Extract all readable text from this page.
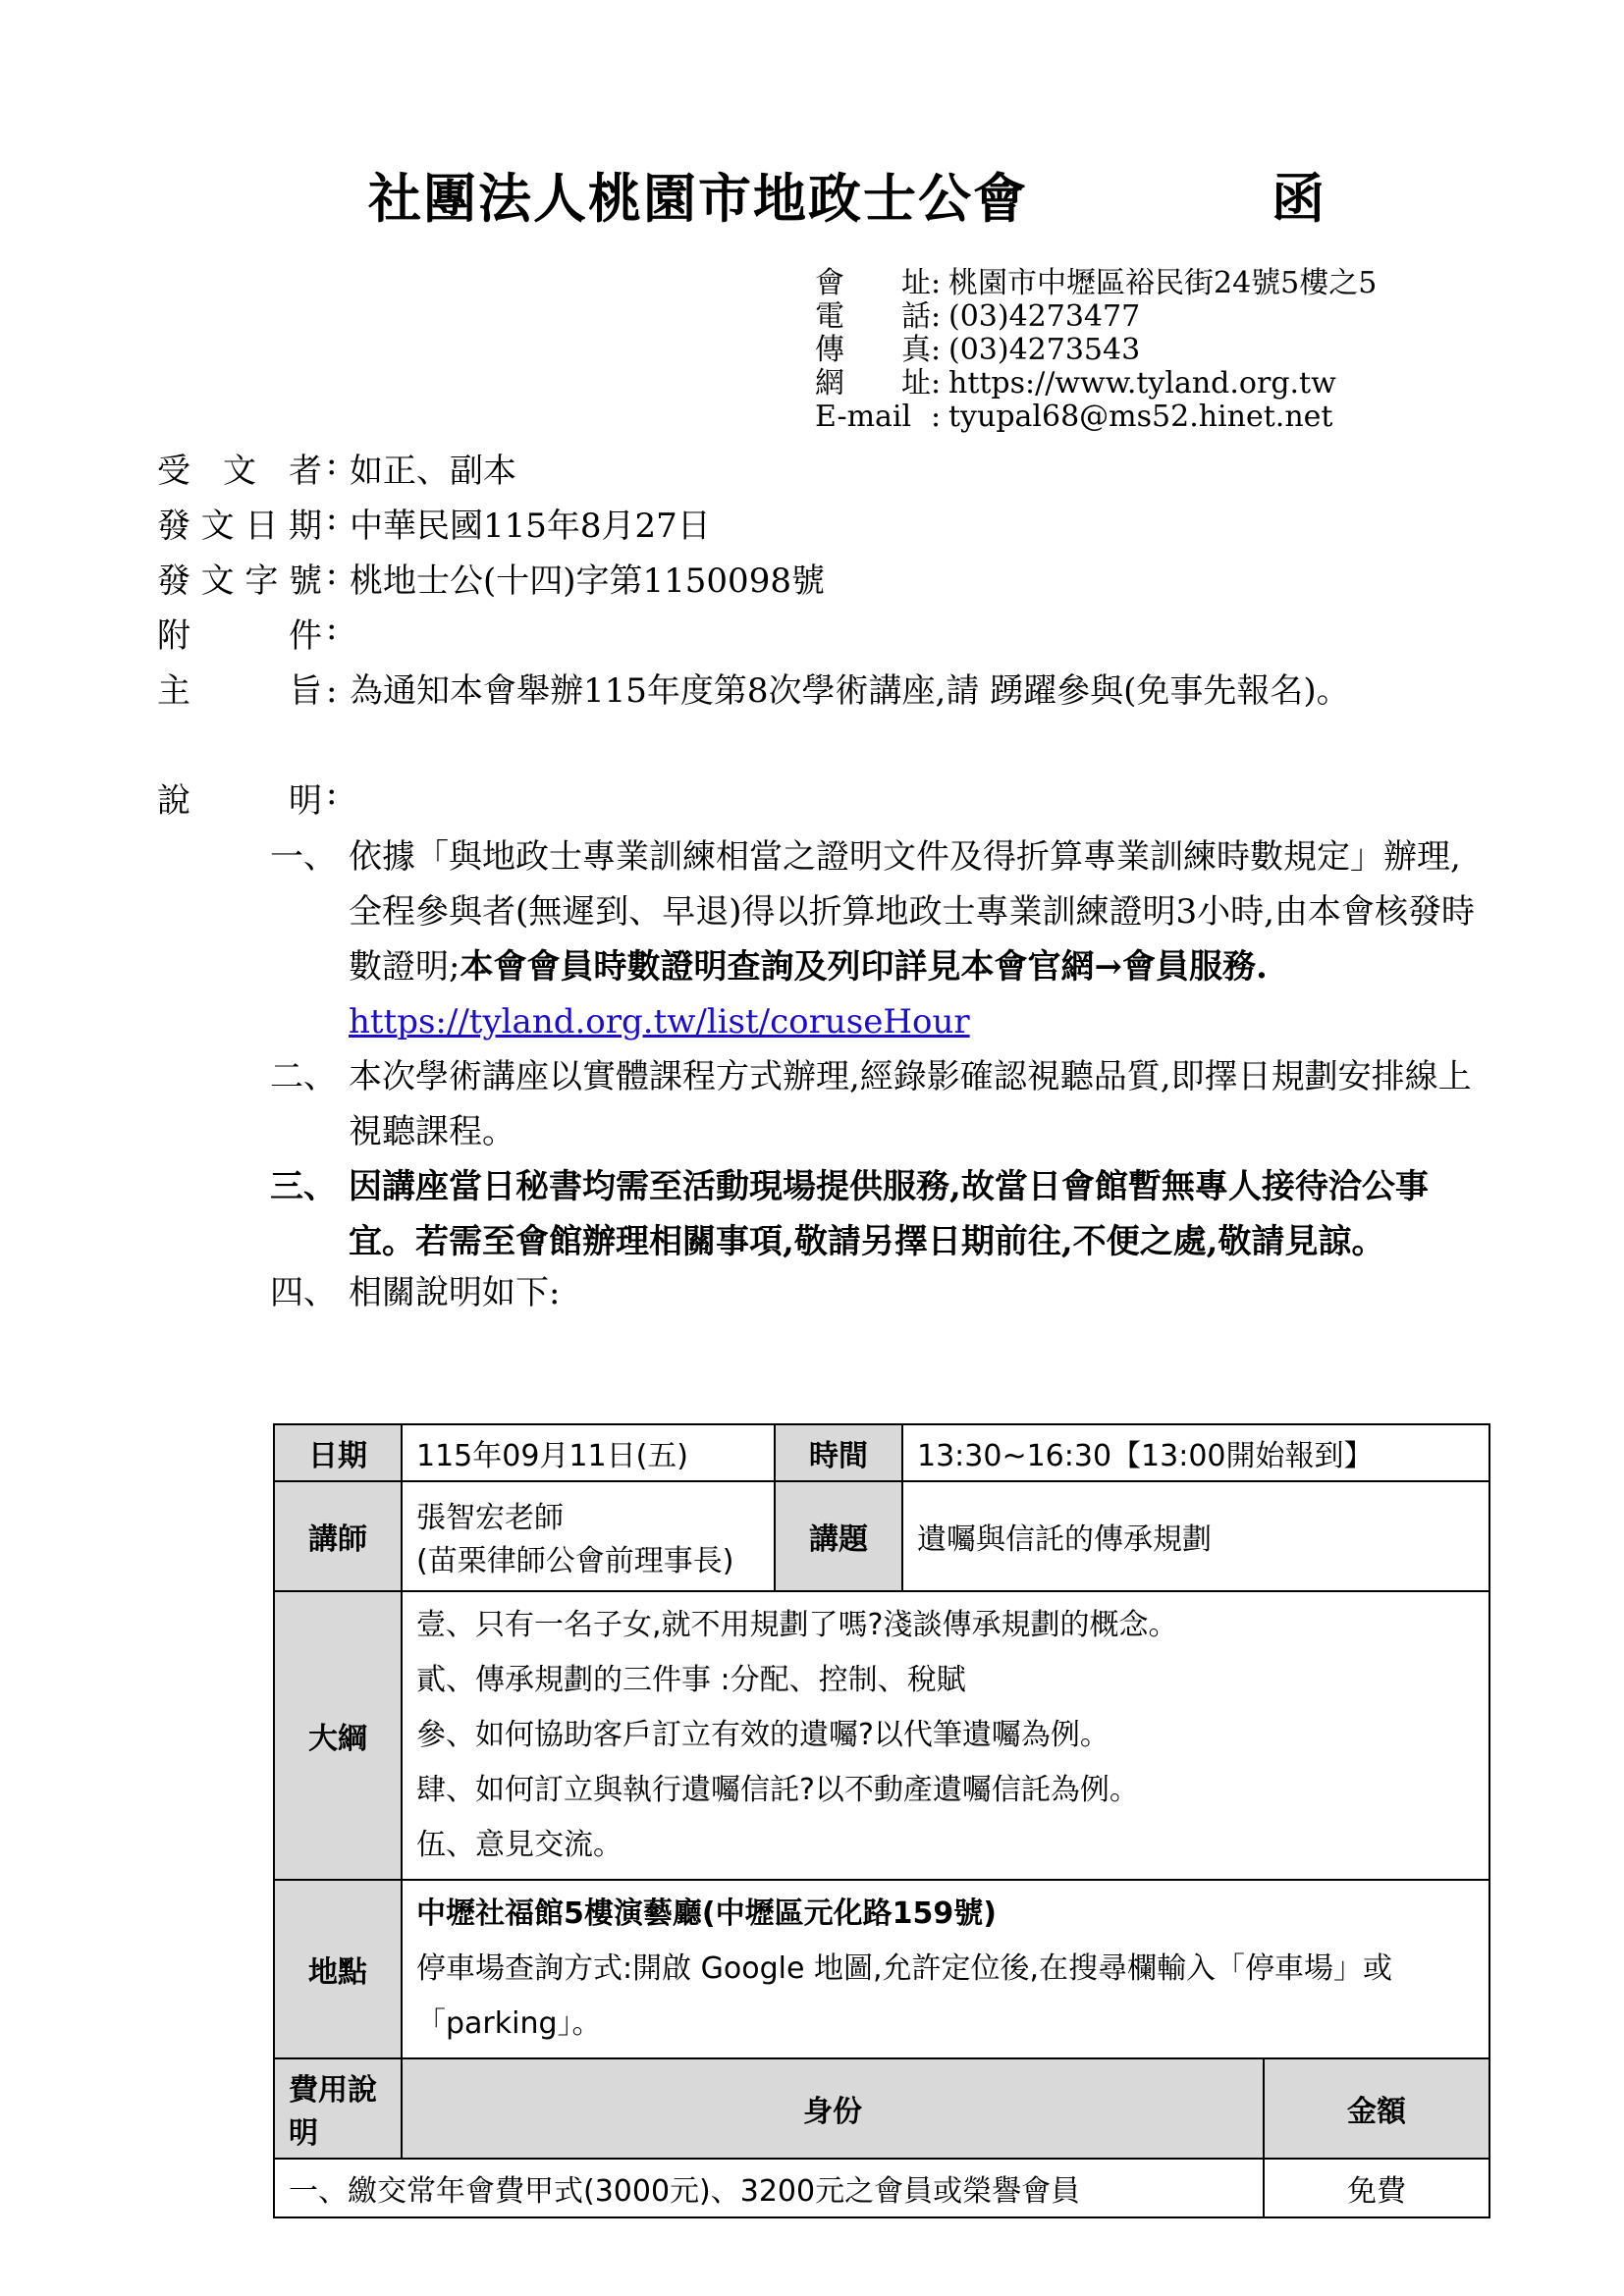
社團法人桃園市地政士公會	函
會址 : 桃園市中壢區裕民街24號5樓之5
電話 : (03)4273477
傳真 : (03)4273543
網址 : https://www.tyland.org.tw
E-mail : tyupal68@ms52.hinet.net
受文者 : 如正、副本
發文日期 : 中華民國115年8月27日
發文字號 : 桃地士公(十四)字第1150098號
附件 :
主旨 : 為通知本會舉辦115年度第8次學術講座,請 踴躍參與(免事先報名)。
說明 :
一、 依據「與地政士專業訓練相當之證明文件及得折算專業訓練時數規定」辦理,全程參與者(無遲到、早退)得以折算地政士專業訓練證明3小時,由本會核發時數證明;本會會員時數證明查詢及列印詳見本會官網→會員服務.
https://tyland.org.tw/list/coruseHour
二、 本次學術講座以實體課程方式辦理,經錄影確認視聽品質,即擇日規劃安排線上視聽課程。
三、 因講座當日秘書均需至活動現場提供服務,故當日會館暫無專人接待洽公事宜。若需至會館辦理相關事項,敬請另擇日期前往,不便之處,敬請見諒。
四、 相關說明如下:
日期	115年09月11日(五)	時間	13:30~16:30【13:00開始報到】	
講師	張智宏老師
(苗栗律師公會前理事長)	講題	遺囑與信託的傳承規劃	
大綱	壹、只有一名子女,就不用規劃了嗎?淺談傳承規劃的概念。
貳、傳承規劃的三件事 :分配、控制、稅賦
參、如何協助客戶訂立有效的遺囑?以代筆遺囑為例。
肆、如何訂立與執行遺囑信託?以不動產遺囑信託為例。
伍、意見交流。			

地點	中壢社福館5樓演藝廳(中壢區元化路159號)
停車場查詢方式:開啟 Google 地圖,允許定位後,在搜尋欄輸入「停車場」或「parking」。			

費用說明	身份			金額
一、繳交常年會費甲式(3000元)、3200元之會員或榮譽會員				免費
